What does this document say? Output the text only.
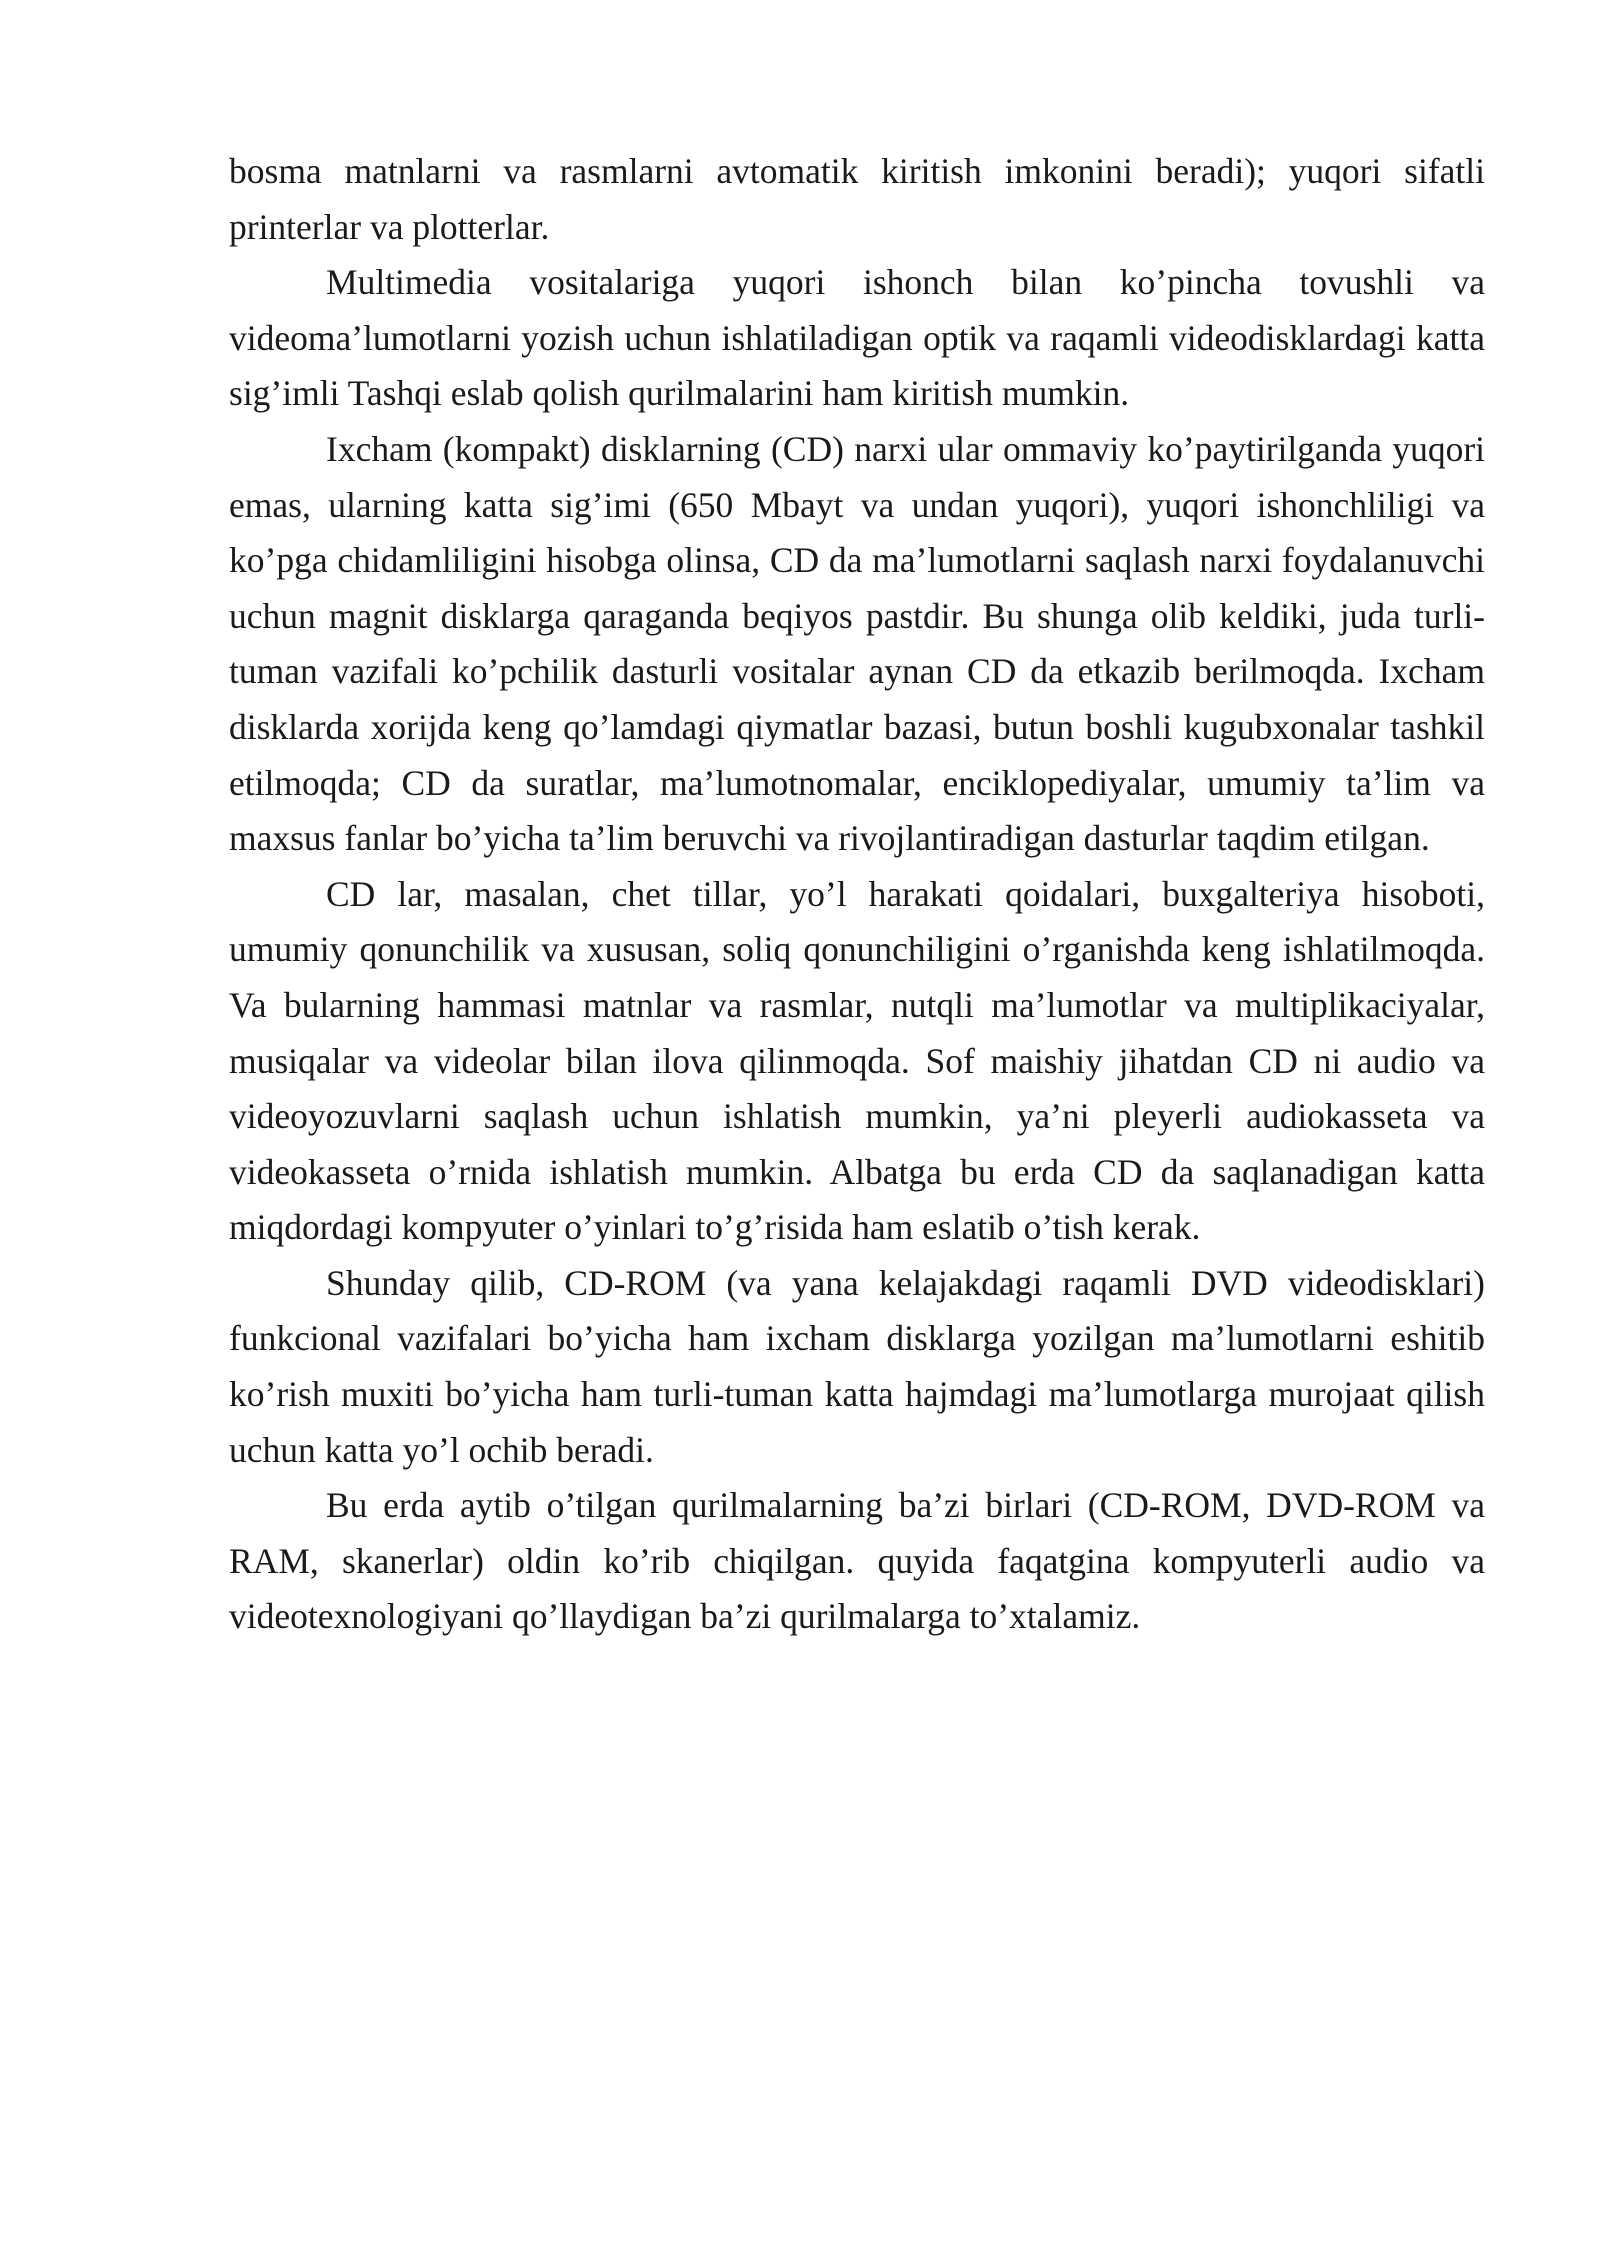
bosma matnlarni va rasmlarni avtomatik kiritish imkonini beradi); yuqori sifatli printerlar va plotterlar.

Multimedia vositalariga yuqori ishonch bilan ko’pincha tovushli va videoma’lumotlarni yozish uchun ishlatiladigan optik va raqamli videodisklardagi katta sig’imli Tashqi eslab qolish qurilmalarini ham kiritish mumkin.

Ixcham (kompakt) disklarning (CD) narxi ular ommaviy ko’paytirilganda yuqori emas, ularning katta sig’imi (650 Mbayt va undan yuqori), yuqori ishonchliligi va ko’pga chidamliligini hisobga olinsa, CD da ma’lumotlarni saqlash narxi foydalanuvchi uchun magnit disklarga qaraganda beqiyos pastdir. Bu shunga olib keldiki, juda turli-tuman vazifali ko’pchilik dasturli vositalar aynan CD da etkazib berilmoqda. Ixcham disklarda xorijda keng qo’lamdagi qiymatlar bazasi, butun boshli kugubxonalar tashkil etilmoqda; CD da suratlar, ma’lumotnomalar, enciklopediyalar, umumiy ta’lim va maxsus fanlar bo’yicha ta’lim beruvchi va rivojlantiradigan dasturlar taqdim etilgan.

CD lar, masalan, chet tillar, yo’l harakati qoidalari, buxgalteriya hisoboti, umumiy qonunchilik va xususan, soliq qonunchiligini o’rganishda keng ishlatilmoqda. Va bularning hammasi matnlar va rasmlar, nutqli ma’lumotlar va multiplikaciyalar, musiqalar va videolar bilan ilova qilinmoqda. Sof maishiy jihatdan CD ni audio va videoyozuvlarni saqlash uchun ishlatish mumkin, ya’ni pleyerli audiokasseta va videokasseta o’rnida ishlatish mumkin. Albatga bu erda CD da saqlanadigan katta miqdordagi kompyuter o’yinlari to’g’risida ham eslatib o’tish kerak.

Shunday qilib, CD-ROM (va yana kelajakdagi raqamli DVD videodisklari) funkcional vazifalari bo’yicha ham ixcham disklarga yozilgan ma’lumotlarni eshitib ko’rish muxiti bo’yicha ham turli-tuman katta hajmdagi ma’lumotlarga murojaat qilish uchun katta yo’l ochib beradi.

Bu erda aytib o’tilgan qurilmalarning ba’zi birlari (CD-ROM, DVD-ROM va RAM, skanerlar) oldin ko’rib chiqilgan. quyida faqatgina kompyuterli audio va videotexnologiyani qo’llaydigan ba’zi qurilmalarga to’xtalamiz.
